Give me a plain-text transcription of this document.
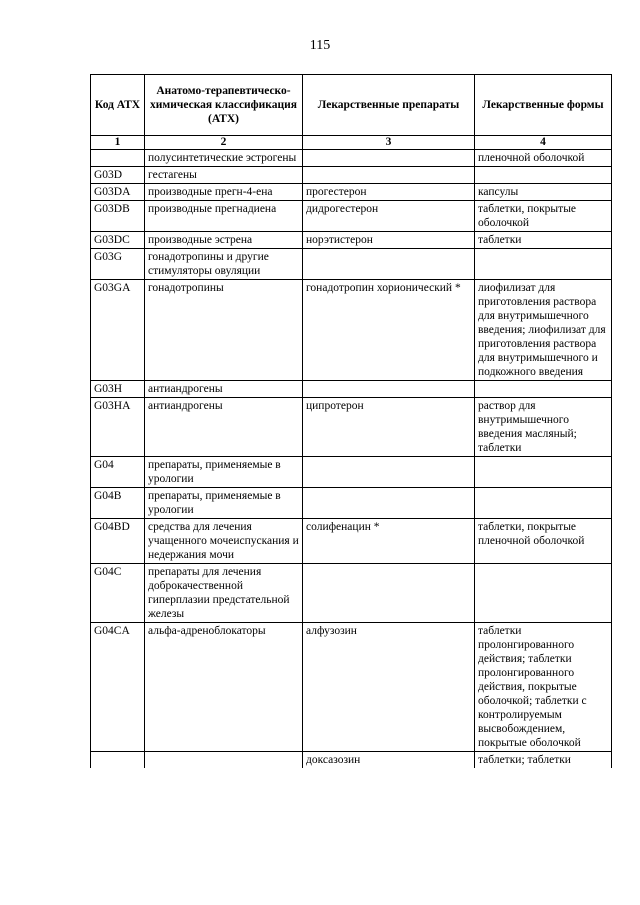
115
Код АТХ	Анатомо-терапевтическо-химическая классификация (АТХ)	Лекарственные препараты	Лекарственные формы
1	2	3	4
	полусинтетические эстрогены		пленочной оболочкой
G03D	гестагены		
G03DA	производные прегн-4-ена	прогестерон	капсулы
G03DB	производные прегнадиена	дидрогестерон	таблетки, покрытые оболочкой
G03DC	производные эстрена	норэтистерон	таблетки
G03G	гонадотропины и другие стимуляторы овуляции		
G03GA	гонадотропины	гонадотропин хорионический *	лиофилизат для приготовления раствора для внутримышечного введения; лиофилизат для приготовления раствора для внутримышечного и подкожного введения
G03H	антиандрогены		
G03HA	антиандрогены	ципротерон	раствор для внутримышечного введения масляный; таблетки
G04	препараты, применяемые в урологии		
G04B	препараты, применяемые в урологии		
G04BD	средства для лечения учащенного мочеиспускания и недержания мочи	солифенацин *	таблетки, покрытые пленочной оболочкой
G04C	препараты для лечения доброкачественной гиперплазии предстательной железы		
G04CA	альфа-адреноблокаторы	алфузозин	таблетки пролонгированного действия; таблетки пролонгированного действия, покрытые оболочкой; таблетки с контролируемым высвобождением, покрытые оболочкой
		доксазозин	таблетки; таблетки
